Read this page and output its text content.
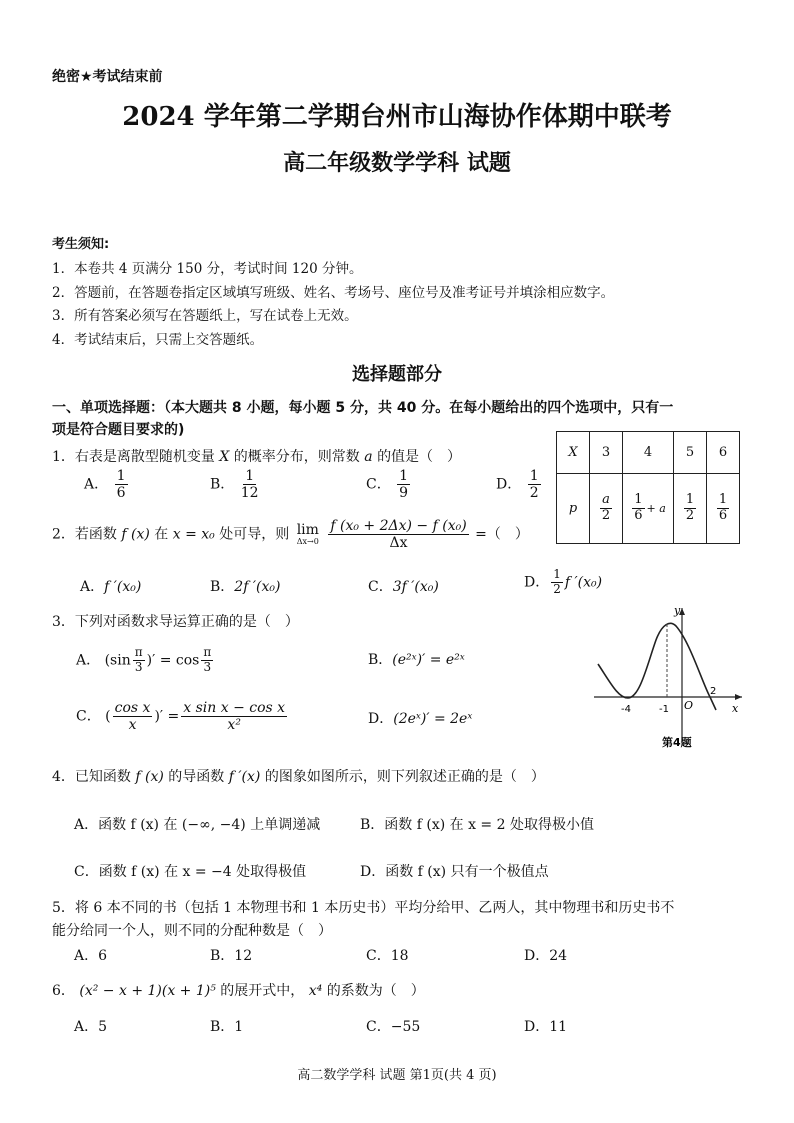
绝密★考试结束前
2024 学年第二学期台州市山海协作体期中联考
高二年级数学学科 试题
考生须知:
1．本卷共 4 页满分 150 分，考试时间 120 分钟。
2．答题前，在答题卷指定区域填写班级、姓名、考场号、座位号及准考证号并填涂相应数字。
3．所有答案必须写在答题纸上，写在试卷上无效。
4．考试结束后，只需上交答题纸。
选择题部分
一、单项选择题：（本大题共 8 小题，每小题 5 分，共 40 分。在每小题给出的四个选项中，只有一
项是符合题目要求的)
1．右表是离散型随机变量 X 的概率分布，则常数 a 的值是（　）
A． $\frac{1}{6}$	B． $\frac{1}{12}$	C． $\frac{1}{9}$	D． $\frac{1}{2}$
X	3	4	5	6
p	$\frac{a}{2}$	$\frac{1}{6} + a$	$\frac{1}{2}$	$\frac{1}{6}$
2．若函数 f (x) 在 x = x₀ 处可导，则 lim
Δx→0
$\frac{\text{f (x₀ + 2Δx) − f (x₀)}}{\Delta x}$ =（　）
A．f ′(x₀)	B．2f ′(x₀)	C．3f ′(x₀)	D． $\frac{1}{2}$ f ′(x₀)
3．下列对函数求导运算正确的是（　）
A． ($\sin \frac{\pi}{3}$ )′ = $\cos \frac{\pi}{3}$	B．(e²ˣ)′ = e²ˣ
C． ( $\frac{\text{cos x}}{x}$ )′ = $\frac{\text{x sin x − cos x}}{\text{x²}}$	D．(2eˣ)′ = 2eˣ
y
x
O
-4	-1
2
第4题
4．已知函数 f (x) 的导函数 f ′(x) 的图象如图所示，则下列叙述正确的是（　）
A．函数 f (x) 在 (−∞, −4) 上单调递减	B．函数 f (x) 在 x = 2 处取得极小值
C．函数 f (x) 在 x = −4 处取得极值	D．函数 f (x) 只有一个极值点
5．将 6 本不同的书（包括 1 本物理书和 1 本历史书）平均分给甲、乙两人，其中物理书和历史书不
能分给同一个人，则不同的分配种数是（　）
A．6	B．12	C．18	D．24
6． (x² − x + 1)(x + 1)⁵ 的展开式中， x⁴ 的系数为（　）
A．5	B．1	C．−55	D．11
高二数学学科 试题 第1页(共 4 页)
